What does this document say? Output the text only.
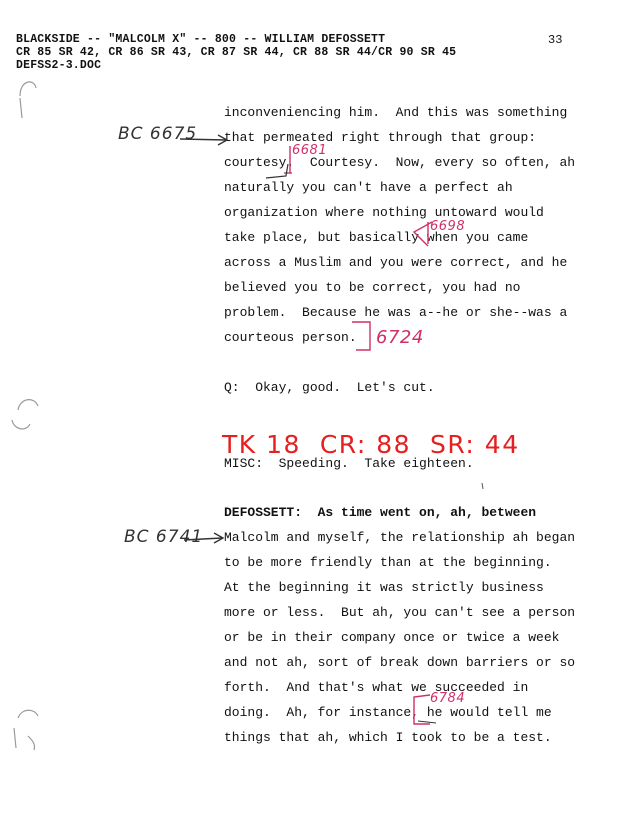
BLACKSIDE -- "MALCOLM X" -- 800 -- WILLIAM DEFOSSETT	33
CR 85 SR 42, CR 86 SR 43, CR 87 SR 44, CR 88 SR 44/CR 90 SR 45
DEFSS2-3.DOC
inconveniencing him.  And this was something
that permeated right through that group:
courtesy.  Courtesy.  Now, every so often, ah
naturally you can't have a perfect ah
organization where nothing untoward would
take place, but basically when you came
across a Muslim and you were correct, and he
believed you to be correct, you had no
problem.  Because he was a--he or she--was a
courteous person.
Q:  Okay, good.  Let's cut.
TK 18  CR: 88  SR: 44
MISC:  Speeding.  Take eighteen.
DEFOSSETT:  As time went on, ah, between
Malcolm and myself, the relationship ah began
to be more friendly than at the beginning.
At the beginning it was strictly business
more or less.  But ah, you can't see a person
or be in their company once or twice a week
and not ah, sort of break down barriers or so
forth.  And that's what we succeeded in
doing.  Ah, for instance, he would tell me
things that ah, which I took to be a test.
BC 6675
BC 6741
6681
6698
6724
6784
